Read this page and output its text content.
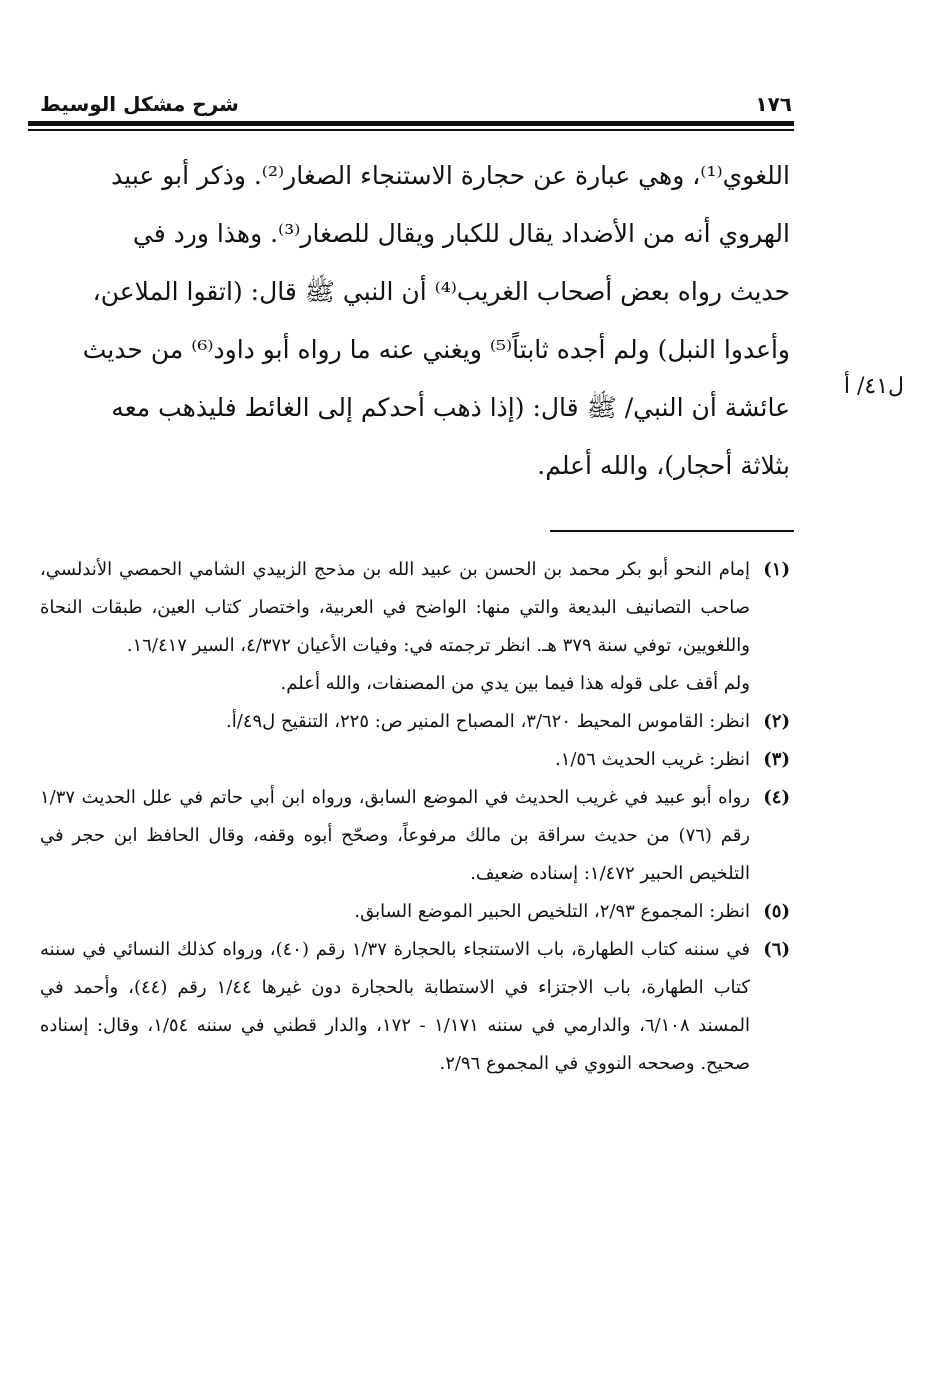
١٧٦
شرح مشكل الوسيط
ل٤١/ أ

اللغوي⁽¹⁾، وهي عبارة عن حجارة الاستنجاء الصغار⁽²⁾. وذكر أبو عبيد

الهروي أنه من الأضداد يقال للكبار ويقال للصغار⁽³⁾. وهذا ورد في

حديث رواه بعض أصحاب الغريب⁽⁴⁾ أن النبي ﷺ قال: (اتقوا الملاعن،

وأعدوا النبل) ولم أجده ثابتاً⁽⁵⁾ ويغني عنه ما رواه أبو داود⁽⁶⁾ من حديث

عائشة أن النبي/ ﷺ قال: (إذا ذهب أحدكم إلى الغائط فليذهب معه

بثلاثة أحجار)، والله أعلم.

(١)
إمام النحو أبو بكر محمد بن الحسن بن عبيد الله بن مذحج الزبيدي الشامي الحمصي الأندلسي، صاحب التصانيف البديعة والتي منها: الواضح في العربية، واختصار كتاب العين، طبقات النحاة واللغويين، توفي سنة ٣٧٩ هـ. انظر ترجمته في: وفيات الأعيان ٤/٣٧٢، السير ١٦/٤١٧.

ولم أقف على قوله هذا فيما بين يدي من المصنفات، والله أعلم.

(٢)
انظر: القاموس المحيط ٣/٦٢٠، المصباح المنير ص: ٢٢٥، التنقيح ل٤٩/أ.

(٣)
انظر: غريب الحديث ١/٥٦.

(٤)
رواه أبو عبيد في غريب الحديث في الموضع السابق، ورواه ابن أبي حاتم في علل الحديث ١/٣٧ رقم (٧٦) من حديث سراقة بن مالك مرفوعاً، وصحّح أبوه وقفه، وقال الحافظ ابن حجر في التلخيص الحبير ١/٤٧٢: إسناده ضعيف.

(٥)
انظر: المجموع ٢/٩٣، التلخيص الحبير الموضع السابق.

(٦)
في سننه كتاب الطهارة، باب الاستنجاء بالحجارة ١/٣٧ رقم (٤٠)، ورواه كذلك النسائي في سننه كتاب الطهارة، باب الاجتزاء في الاستطابة بالحجارة دون غيرها ١/٤٤ رقم (٤٤)، وأحمد في المسند ٦/١٠٨، والدارمي في سننه ١/١٧١ - ١٧٢، والدار قطني في سننه ١/٥٤، وقال: إسناده صحيح. وصححه النووي في المجموع ٢/٩٦.
